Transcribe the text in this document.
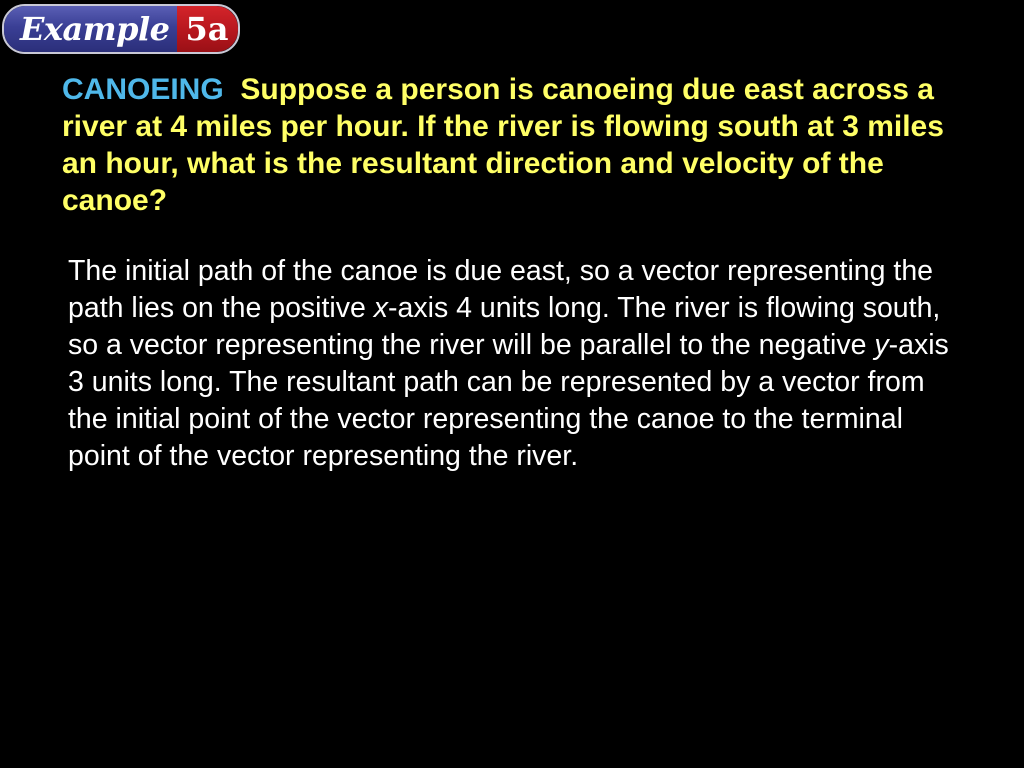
Example 5a
CANOEING Suppose a person is canoeing due east across a river at 4 miles per hour. If the river is flowing south at 3 miles an hour, what is the resultant direction and velocity of the canoe?
The initial path of the canoe is due east, so a vector representing the path lies on the positive x-axis 4 units long. The river is flowing south, so a vector representing the river will be parallel to the negative y-axis 3 units long. The resultant path can be represented by a vector from the initial point of the vector representing the canoe to the terminal point of the vector representing the river.
